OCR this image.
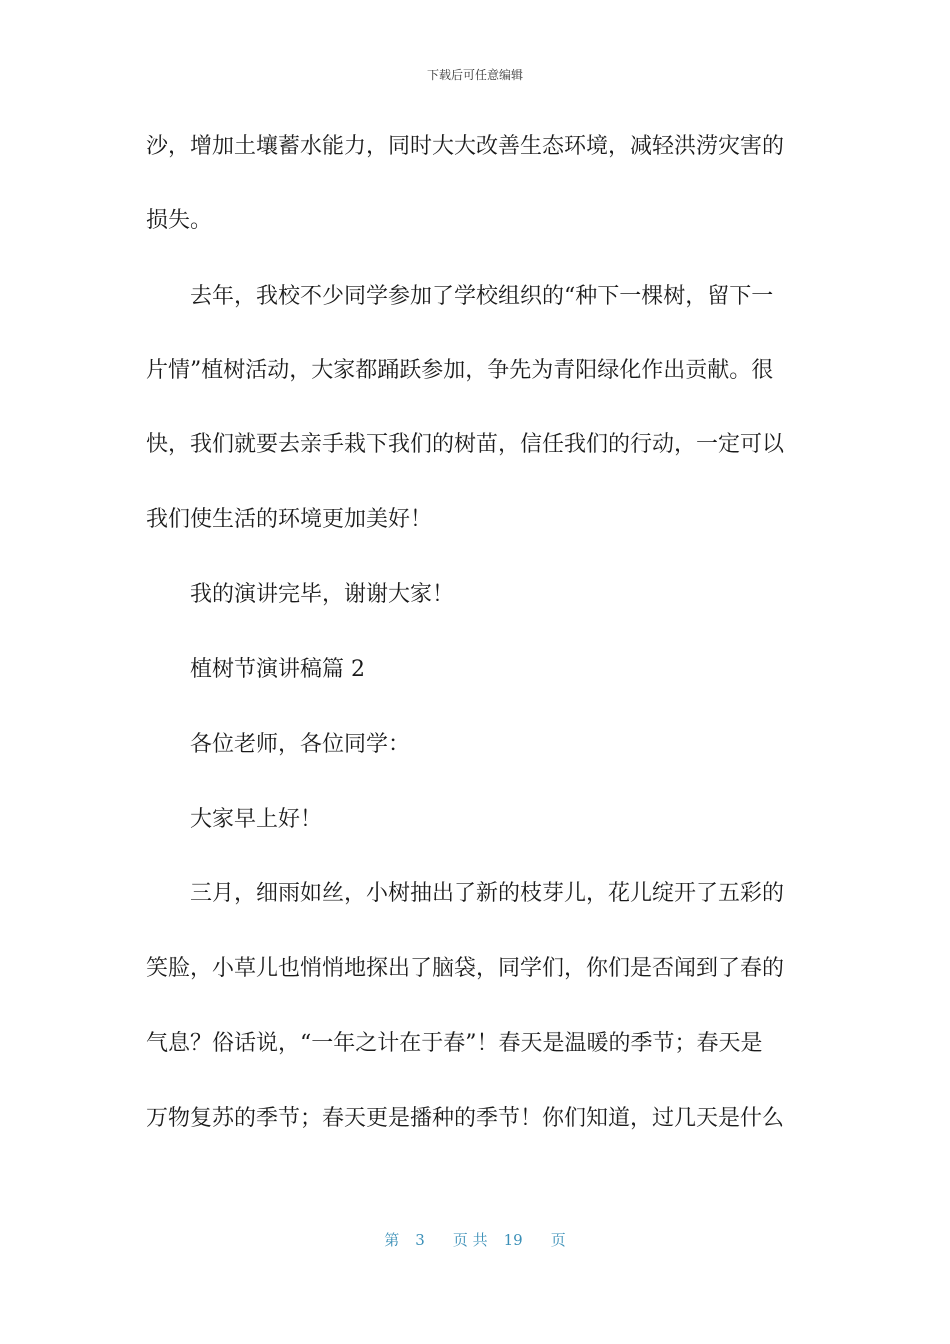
下载后可任意编辑
沙，增加土壤蓄水能力，同时大大改善生态环境，减轻洪涝灾害的
损失。
去年，我校不少同学参加了学校组织的“种下一棵树，留下一
片情”植树活动，大家都踊跃参加，争先为青阳绿化作出贡献。很
快，我们就要去亲手栽下我们的树苗，信任我们的行动，一定可以
我们使生活的环境更加美好！
我的演讲完毕，谢谢大家！
植树节演讲稿篇 2
各位老师，各位同学：
大家早上好！
三月，细雨如丝，小树抽出了新的枝芽儿，花儿绽开了五彩的
笑脸，小草儿也悄悄地探出了脑袋，同学们，你们是否闻到了春的
气息？俗话说，“一年之计在于春”！春天是温暖的季节；春天是
万物复苏的季节；春天更是播种的季节！你们知道，过几天是什么
第 3 页 共 19 页
